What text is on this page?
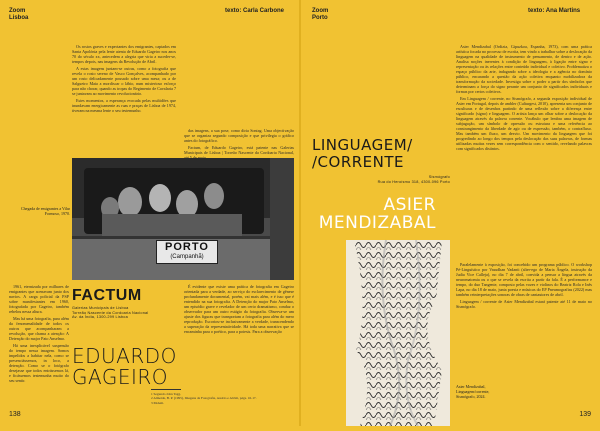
Zoom
Lisboa
texto: Carla Carbone

Os rostos graves e expectantes dos emigrantes, captados em Santa Apolónia pela lente atenta de Eduardo Gageiro nos anos 70 do século xx, antecedem a alegria que viria a suceder-se, tempos depois, nas imagens da Revolução de Abril.

A estas imagens juntam-se outras, como a fotografia que revela o rosto sereno de Vasco Gonçalves, acompanhado por um rosto delicadamente pousado sobre uma mesa; ou a de Salgueiro Maia a mordiscar o lábio, num misterioso esforço para não chorar, quando as tropas do Regimento de Cavalaria 7 se juntavam ao movimento revolucionário.

Estes momentos, a esperança evocada pelas multidões que inundavam energicamente as ruas e praças de Lisboa de 1974, tiveram na mesma lente o seu testemunho.

das imagens, a sua pose, como diria Sontag. Uma objectivação que se organiza segundo composição e que privilegia o gráfico antes do fotográfico.

Factum, de Eduardo Gageiro, está patente nas Galerias Municipais de Lisboa | Torreão Nascente da Cordoaria Nacional,

PORTO
(Campanhã)
Chegada de emigrantes a Vilar Formoso, 1970.
FACTUM
Galerias Municipais de Lisboa
Torreão Nascente da Cordoaria Nacional
Av. da Índia, 1300-299 Lisboa
EDUARDO
GAGEIRO

1961, eternizada por milhares de emigrantes que acenavam junto dos navios. A carga policial da PSP sobre manifestantes em 1960, fotografada por Gageiro, também rebelou nessa altura.

Mas há uma fotografia, para além da fenomenalidade de todos os outros que acompanharam a revolução, que chama a atenção: A Detenção do major Pato Anselmo.

Há uma inexplicável suspensão do tempo nessa imagem. Somos impelidos a habitar nela, como se presenciássemos, in loco, a detenção. Como se o fotógrafo desejasse que todos entrássemos lá, e ficássemos testemunha muito do seu sentir.

É evidente que existe uma prática de fotografia em Gageiro orientada para a verdade, ao serviço do esclarecimento de gênese profundamente documental, porém, vai mais além, e é isso que é entendido na sua fotografia. A Detenção do major Pato Anselmo, um episódio grave e revelador de um certo dramatismo, conduz o observador para um outro estágio da fotografia. Observa-se um ajuste dos figuras que transportam a fotografia para além do mero reprodução. Escoriou-se inclusivamente a verdade, transcendendo a superação da representatividade. Há toda uma narrativa que se encaminha para o poético, para a poiesis. Para a observação

1 Segundo John Tagg.
2 Almeida, B. P. (1995), Imagens da Fotografia, Assírio e Alvim, págs. 16-17.
3 Ibidem.
138
Zoom
Porto
texto: Ana Martins
LINGUAGEM/
/CORRENTE
Sismógrafo
Rua do Heroísmo 318, 4300-096 Porto
ASIER
MENDIZABAL

Asier Mendizabal (Ordizia, Gipuzkoa, Espanha, 1973), com uma prática artística focada no processo de escrita, tem vindo a trabalhar sobre a deslocação da linguagem na qualidade de instrumento de pensamento, de dentro e de ação. Analisa noções inerentes à condição de linguagem, à ligação entre signo e representação ou às relações entre conteúdo individual e coletivo. Problematiza o espaço público da arte, indagando sobre a ideologia e a agência no domínio público, encarando a questão da ação coletiva enquanto mobilizadora da transformação da sociedade. Investiga sobre o poder a partir dos símbolos que determinam a força do signo perante um conjunto de significados individuais e formas por certos coletivos.

Em Linguagem / corrente, no Sismógrafo, a segunda exposição individual de Asier em Portugal, depois de ambler (Culturgest, 2010), apresenta um conjunto de esculturas e de desenhos partindo de uma reflexão sobre a diferença entre significado (signo) e linguagem. O artista lança um olhar sobre a deslocação da linguagem através da palavra corrente. Vocábulo que lembra uma imagem de subjugação, um símbolo de opressão ou estrutura e uma referência ao constrangimento da liberdade de agir ou de expressão, também, o contrafluxo. Mas também um fluxo, um desvio. Um movimento da linguagem que foi progredindo ao longo dos tempos pela deslocação das suas palavras, de formas utilizadas muitas vezes sem correspondência com o sentido, revelando palavras com significados distintos.

Paralelamente à exposição, foi concebido um programa público. O workshop Pé-Linguístico por Vasudhan Vadanti (alter-ego de Maria Ângela, instrução da Judia Vice Calleja), no dia 7 de abril, convida a pensar a língua através da neuromatomia ou o que se revela da escrita a partir da fala. É a performance e tempo, do duo Tangente, composto pelas vozes e violinos do Beatriz Rola e Inês Lapa, no dia 18 de maio, junta poesia e músicas do EP Pneumografias (2022) mas também reinterpretações sonoras de obras de cantautores de abril.

Linguagem / corrente de Asier Mendizabal estará patente até 11 de maio no Sismógrafo.

Asier Mendizabal,
Linguagem/corrente,
Sismógrafo, 2024.
139
